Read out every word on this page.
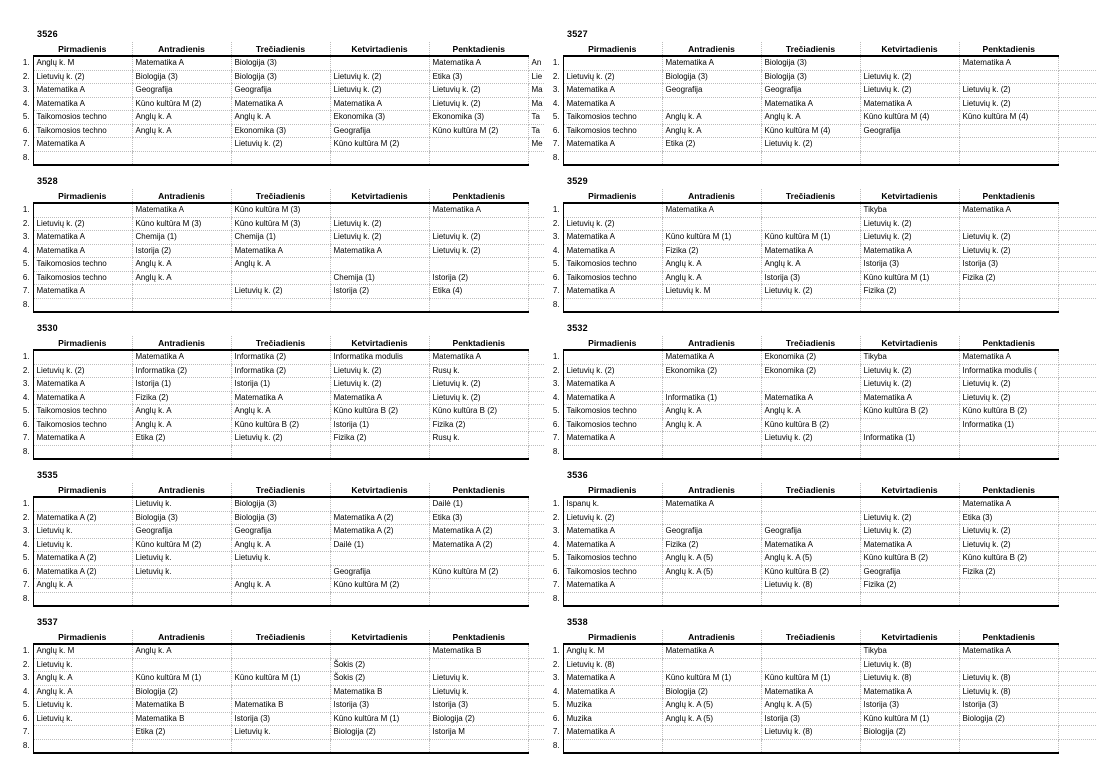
3526
	Pirmadienis	Antradienis	Trečiadienis	Ketvirtadienis	Penktadienis	
1.	Anglų k. M	Matematika A	Biologija (3)		Matematika A	An
2.	Lietuvių k. (2)	Biologija (3)	Biologija (3)	Lietuvių k. (2)	Etika (3)	Lie
3.	Matematika A	Geografija	Geografija	Lietuvių k. (2)	Lietuvių k. (2)	Ma
4.	Matematika A	Kūno kultūra M (2)	Matematika A	Matematika A	Lietuvių k. (2)	Ma
5.	Taikomosios techno	Anglų k. A	Anglų k. A	Ekonomika (3)	Ekonomika (3)	Ta
6.	Taikomosios techno	Anglų k. A	Ekonomika (3)	Geografija	Kūno kultūra M (2)	Ta
7.	Matematika A		Lietuvių k. (2)	Kūno kultūra M (2)		Me
8.						
3527
	Pirmadienis	Antradienis	Trečiadienis	Ketvirtadienis	Penktadienis	
1.		Matematika A	Biologija (3)		Matematika A	
2.	Lietuvių k. (2)	Biologija (3)	Biologija (3)	Lietuvių k. (2)		
3.	Matematika A	Geografija	Geografija	Lietuvių k. (2)	Lietuvių k. (2)	
4.	Matematika A		Matematika A	Matematika A	Lietuvių k. (2)	
5.	Taikomosios techno	Anglų k. A	Anglų k. A	Kūno kultūra M (4)	Kūno kultūra M (4)	
6.	Taikomosios techno	Anglų k. A	Kūno kultūra M (4)	Geografija		
7.	Matematika A	Etika (2)	Lietuvių k. (2)			
8.						
3528
	Pirmadienis	Antradienis	Trečiadienis	Ketvirtadienis	Penktadienis	
1.		Matematika A	Kūno kultūra M (3)		Matematika A	
2.	Lietuvių k. (2)	Kūno kultūra M (3)	Kūno kultūra M (3)	Lietuvių k. (2)		
3.	Matematika A	Chemija (1)	Chemija (1)	Lietuvių k. (2)	Lietuvių k. (2)	
4.	Matematika A	Istorija (2)	Matematika A	Matematika A	Lietuvių k. (2)	
5.	Taikomosios techno	Anglų k. A	Anglų k. A			
6.	Taikomosios techno	Anglų k. A		Chemija (1)	Istorija (2)	
7.	Matematika A		Lietuvių k. (2)	Istorija (2)	Etika (4)	
8.						
3529
	Pirmadienis	Antradienis	Trečiadienis	Ketvirtadienis	Penktadienis	
1.		Matematika A		Tikyba	Matematika A	
2.	Lietuvių k. (2)			Lietuvių k. (2)		
3.	Matematika A	Kūno kultūra M (1)	Kūno kultūra M (1)	Lietuvių k. (2)	Lietuvių k. (2)	
4.	Matematika A	Fizika (2)	Matematika A	Matematika A	Lietuvių k. (2)	
5.	Taikomosios techno	Anglų k. A	Anglų k. A	Istorija (3)	Istorija (3)	
6.	Taikomosios techno	Anglų k. A	Istorija (3)	Kūno kultūra M (1)	Fizika (2)	
7.	Matematika A	Lietuvių k. M	Lietuvių k. (2)	Fizika (2)		
8.						
3530
	Pirmadienis	Antradienis	Trečiadienis	Ketvirtadienis	Penktadienis	
1.		Matematika A	Informatika (2)	Informatika modulis	Matematika A	
2.	Lietuvių k. (2)	Informatika (2)	Informatika (2)	Lietuvių k. (2)	Rusų k.	
3.	Matematika A	Istorija (1)	Istorija (1)	Lietuvių k. (2)	Lietuvių k. (2)	
4.	Matematika A	Fizika (2)	Matematika A	Matematika A	Lietuvių k. (2)	
5.	Taikomosios techno	Anglų k. A	Anglų k. A	Kūno kultūra B (2)	Kūno kultūra B (2)	
6.	Taikomosios techno	Anglų k. A	Kūno kultūra B (2)	Istorija (1)	Fizika (2)	
7.	Matematika A	Etika (2)	Lietuvių k. (2)	Fizika (2)	Rusų k.	
8.						
3532
	Pirmadienis	Antradienis	Trečiadienis	Ketvirtadienis	Penktadienis	
1.		Matematika A	Ekonomika (2)	Tikyba	Matematika A	
2.	Lietuvių k. (2)	Ekonomika (2)	Ekonomika (2)	Lietuvių k. (2)	Informatika modulis (	
3.	Matematika A			Lietuvių k. (2)	Lietuvių k. (2)	
4.	Matematika A	Informatika (1)	Matematika A	Matematika A	Lietuvių k. (2)	
5.	Taikomosios techno	Anglų k. A	Anglų k. A	Kūno kultūra B (2)	Kūno kultūra B (2)	
6.	Taikomosios techno	Anglų k. A	Kūno kultūra B (2)		Informatika (1)	
7.	Matematika A		Lietuvių k. (2)	Informatika (1)		
8.						
3535
	Pirmadienis	Antradienis	Trečiadienis	Ketvirtadienis	Penktadienis	
1.		Lietuvių k.	Biologija (3)		Dailė (1)	
2.	Matematika A (2)	Biologija (3)	Biologija (3)	Matematika A (2)	Etika (3)	
3.	Lietuvių k.	Geografija	Geografija	Matematika A (2)	Matematika A (2)	
4.	Lietuvių k.	Kūno kultūra M (2)	Anglų k. A	Dailė (1)	Matematika A (2)	
5.	Matematika A (2)	Lietuvių k.	Lietuvių k.			
6.	Matematika A (2)	Lietuvių k.		Geografija	Kūno kultūra M (2)	
7.	Anglų k. A		Anglų k. A	Kūno kultūra M (2)		
8.						
3536
	Pirmadienis	Antradienis	Trečiadienis	Ketvirtadienis	Penktadienis	
1.	Ispanų k.	Matematika A			Matematika A	
2.	Lietuvių k. (2)			Lietuvių k. (2)	Etika (3)	
3.	Matematika A	Geografija	Geografija	Lietuvių k. (2)	Lietuvių k. (2)	
4.	Matematika A	Fizika (2)	Matematika A	Matematika A	Lietuvių k. (2)	
5.	Taikomosios techno	Anglų k. A (5)	Anglų k. A (5)	Kūno kultūra B (2)	Kūno kultūra B (2)	
6.	Taikomosios techno	Anglų k. A (5)	Kūno kultūra B (2)	Geografija	Fizika (2)	
7.	Matematika A		Lietuvių k. (8)	Fizika (2)		
8.						
3537
	Pirmadienis	Antradienis	Trečiadienis	Ketvirtadienis	Penktadienis	
1.	Anglų k. M	Anglų k. A			Matematika B	
2.	Lietuvių k.			Šokis (2)		
3.	Anglų k. A	Kūno kultūra M (1)	Kūno kultūra M (1)	Šokis (2)	Lietuvių k.	
4.	Anglų k. A	Biologija (2)		Matematika B	Lietuvių k.	
5.	Lietuvių k.	Matematika B	Matematika B	Istorija (3)	Istorija (3)	
6.	Lietuvių k.	Matematika B	Istorija (3)	Kūno kultūra M (1)	Biologija (2)	
7.		Etika (2)	Lietuvių k.	Biologija (2)	Istorija M	
8.						
3538
	Pirmadienis	Antradienis	Trečiadienis	Ketvirtadienis	Penktadienis	
1.	Anglų k. M	Matematika A		Tikyba	Matematika A	
2.	Lietuvių k. (8)			Lietuvių k. (8)		
3.	Matematika A	Kūno kultūra M (1)	Kūno kultūra M (1)	Lietuvių k. (8)	Lietuvių k. (8)	
4.	Matematika A	Biologija (2)	Matematika A	Matematika A	Lietuvių k. (8)	
5.	Muzika	Anglų k. A (5)	Anglų k. A (5)	Istorija (3)	Istorija (3)	
6.	Muzika	Anglų k. A (5)	Istorija (3)	Kūno kultūra M (1)	Biologija (2)	
7.	Matematika A		Lietuvių k. (8)	Biologija (2)		
8.						
